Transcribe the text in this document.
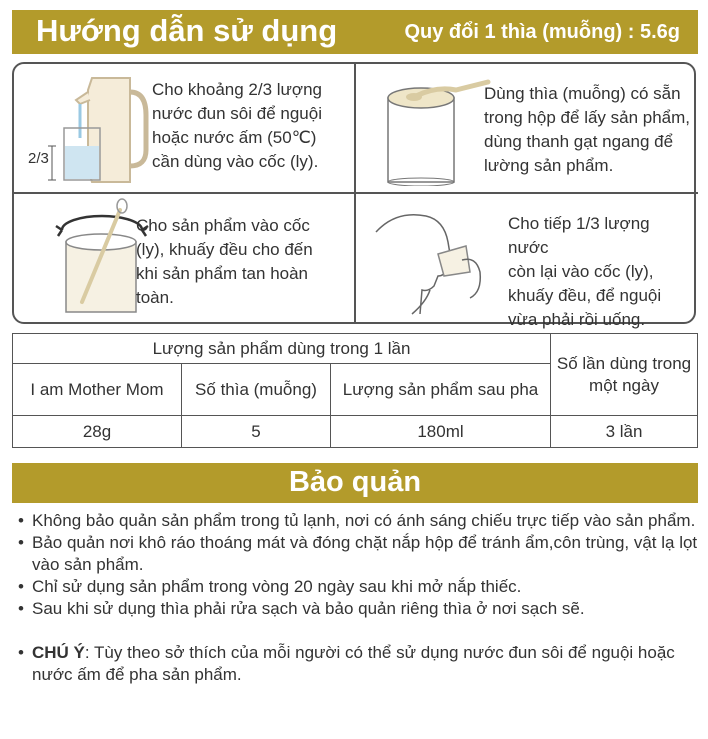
Hướng dẫn sử dụng	Quy đổi 1 thìa (muỗng) : 5.6g
2/3
Cho khoảng 2/3 lượng
nước đun sôi để nguội
hoặc nước ấm (50℃)
cần dùng vào cốc (ly).
Dùng thìa (muỗng) có sẵn
trong hộp để lấy sản phẩm,
dùng thanh gạt ngang để
lường sản phẩm.
Cho sản phẩm vào cốc
(ly), khuấy đều cho đến
khi sản phẩm tan hoàn
toàn.
Cho tiếp 1/3 lượng nước
còn lại vào cốc (ly),
khuấy đều, để nguội
vừa phải rồi uống.
Lượng sản phẩm dùng trong 1 lần			Số lần dùng trong một ngày
I am Mother Mom	Số thìa (muỗng)	Lượng sản phẩm sau pha	
28g	5	180ml	3 lần
Bảo quản
• Không bảo quản sản phẩm trong tủ lạnh, nơi có ánh sáng chiếu trực tiếp vào sản phẩm.
• Bảo quản nơi khô ráo thoáng mát và đóng chặt nắp hộp để tránh ẩm,côn trùng, vật lạ lọt vào sản phẩm.
• Chỉ sử dụng sản phẩm trong vòng 20 ngày sau khi mở nắp thiếc.
• Sau khi sử dụng thìa phải rửa sạch và bảo quản riêng thìa ở nơi sạch sẽ.
• CHÚ Ý: Tùy theo sở thích của mỗi người có thể sử dụng nước đun sôi để nguội hoặc nước ấm để pha sản phẩm.
